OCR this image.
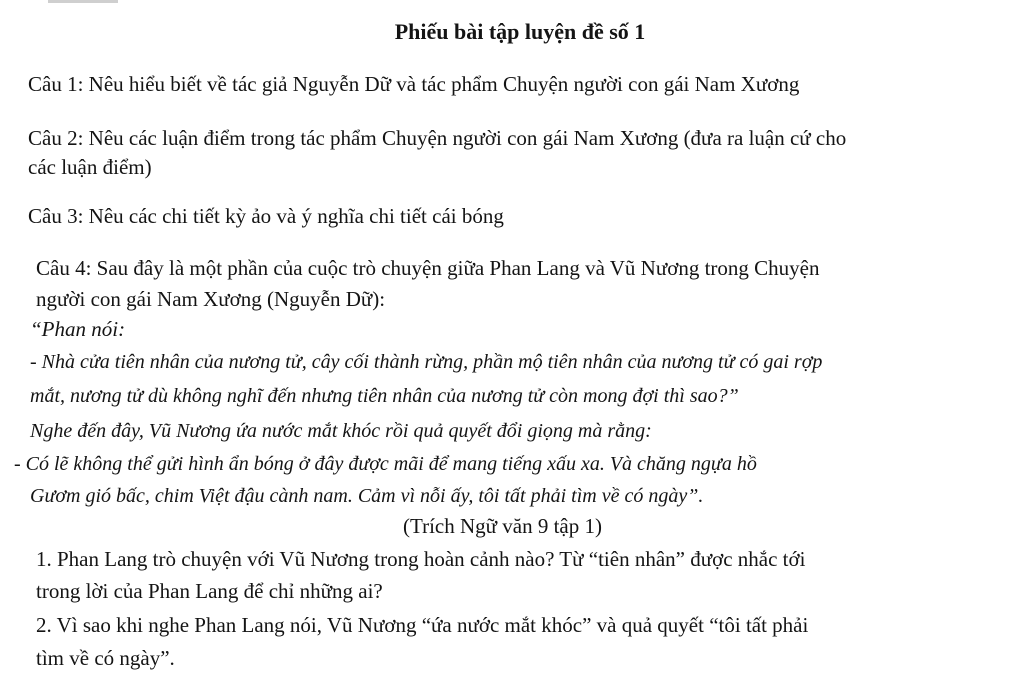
Phiếu bài tập luyện đề số 1
Câu 1: Nêu hiểu biết về tác giả Nguyễn Dữ và tác phẩm Chuyện người con gái Nam Xương
Câu 2: Nêu các luận điểm trong tác phẩm Chuyện người con gái Nam Xương (đưa ra luận cứ cho
các luận điểm)
Câu 3: Nêu các chi tiết kỳ ảo và ý nghĩa chi tiết cái bóng
Câu 4: Sau đây là một phần của cuộc trò chuyện giữa Phan Lang và Vũ Nương trong Chuyện
người con gái Nam Xương (Nguyễn Dữ):
“Phan nói:
- Nhà cửa tiên nhân của nương tử, cây cối thành rừng, phần mộ tiên nhân của nương tử có gai rợp
mắt, nương tử dù không nghĩ đến nhưng tiên nhân của nương tử còn mong đợi thì sao?”
Nghe đến đây, Vũ Nương ứa nước mắt khóc rồi quả quyết đổi giọng mà rằng:
- Có lẽ không thể gửi hình ẩn bóng ở đây được mãi để mang tiếng xấu xa. Và chăng ngựa hồ
Gươm gió bấc, chim Việt đậu cành nam. Cảm vì nỗi ấy, tôi tất phải tìm về có ngày”.
(Trích Ngữ văn 9 tập 1)
1. Phan Lang trò chuyện với Vũ Nương trong hoàn cảnh nào? Từ “tiên nhân” được nhắc tới
trong lời của Phan Lang để chỉ những ai?
2. Vì sao khi nghe Phan Lang nói, Vũ Nương “ứa nước mắt khóc” và quả quyết “tôi tất phải
tìm về có ngày”.
